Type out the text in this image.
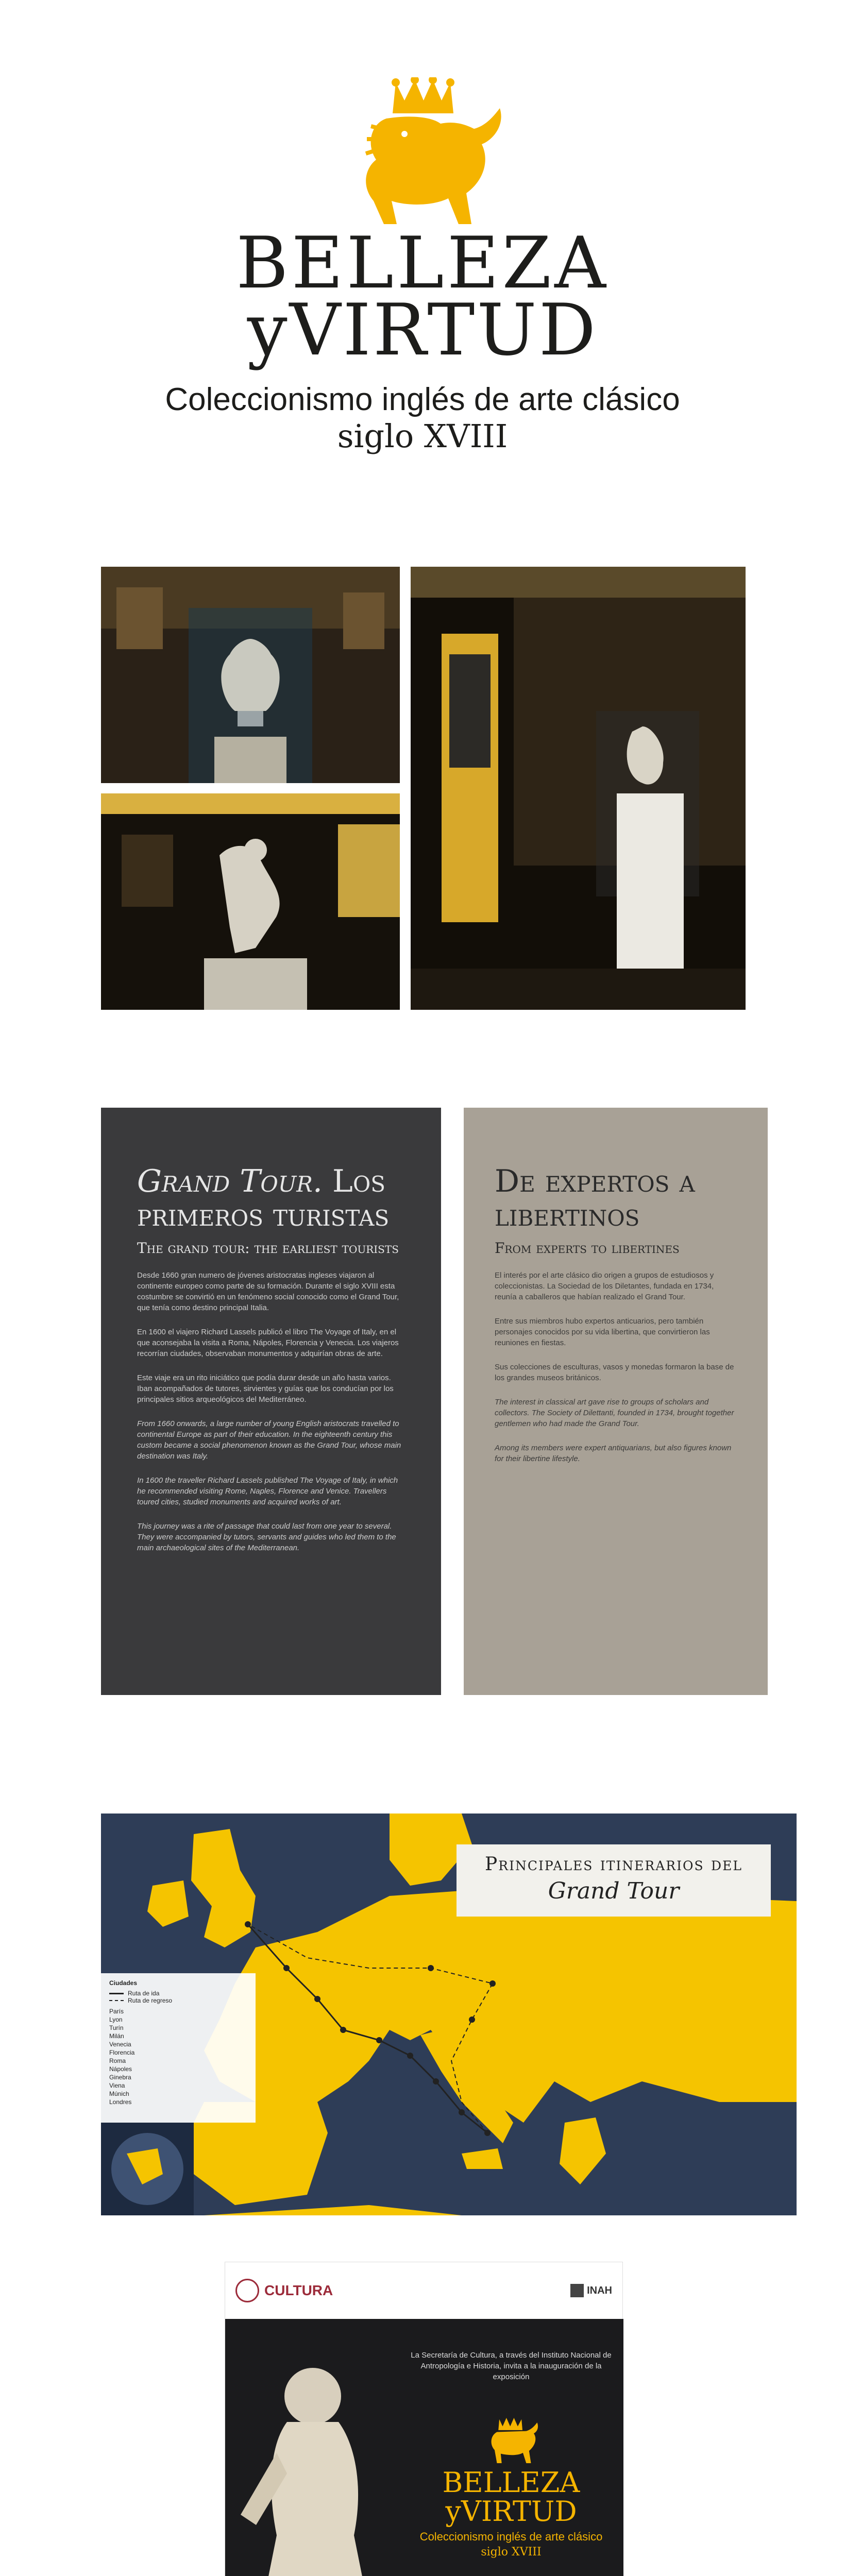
BELLEZA
yVIRTUD
Coleccionismo inglés de arte clásico
siglo XVIII
Grand Tour. Los primeros turistas
The grand tour: the earliest tourists

Desde 1660 gran numero de jóvenes aristocratas ingleses viajaron al continente europeo como parte de su formación. Durante el siglo XVIII esta costumbre se convirtió en un fenómeno social conocido como el Grand Tour, que tenía como destino principal Italia.

En 1600 el viajero Richard Lassels publicó el libro The Voyage of Italy, en el que aconsejaba la visita a Roma, Nápoles, Florencia y Venecia. Los viajeros recorrían ciudades, observaban monumentos y adquirían obras de arte.

Este viaje era un rito iniciático que podía durar desde un año hasta varios. Iban acompañados de tutores, sirvientes y guías que los conducían por los principales sitios arqueológicos del Mediterráneo.

From 1660 onwards, a large number of young English aristocrats travelled to continental Europe as part of their education. In the eighteenth century this custom became a social phenomenon known as the Grand Tour, whose main destination was Italy.

In 1600 the traveller Richard Lassels published The Voyage of Italy, in which he recommended visiting Rome, Naples, Florence and Venice. Travellers toured cities, studied monuments and acquired works of art.

This journey was a rite of passage that could last from one year to several. They were accompanied by tutors, servants and guides who led them to the main archaeological sites of the Mediterranean.

De expertos a libertinos
From experts to libertines

El interés por el arte clásico dio origen a grupos de estudiosos y coleccionistas. La Sociedad de los Diletantes, fundada en 1734, reunía a caballeros que habían realizado el Grand Tour.

Entre sus miembros hubo expertos anticuarios, pero también personajes conocidos por su vida libertina, que convirtieron las reuniones en fiestas.

Sus colecciones de esculturas, vasos y monedas formaron la base de los grandes museos británicos.

The interest in classical art gave rise to groups of scholars and collectors. The Society of Dilettanti, founded in 1734, brought together gentlemen who had made the Grand Tour.

Among its members were expert antiquarians, but also figures known for their libertine lifestyle.

Principales itinerarios del
Grand Tour
Ciudades
Ruta de ida
Ruta de regreso
París
Lyon
Turín
Milán
Venecia
Florencia
Roma
Nápoles
Ginebra
Viena
Múnich
Londres
CULTURA	INAH
La Secretaría de Cultura, a través del Instituto Nacional de Antropología e Historia, invita a la inauguración de la exposición
BELLEZA
yVIRTUD
Coleccionismo inglés de arte clásico
siglo XVIII
